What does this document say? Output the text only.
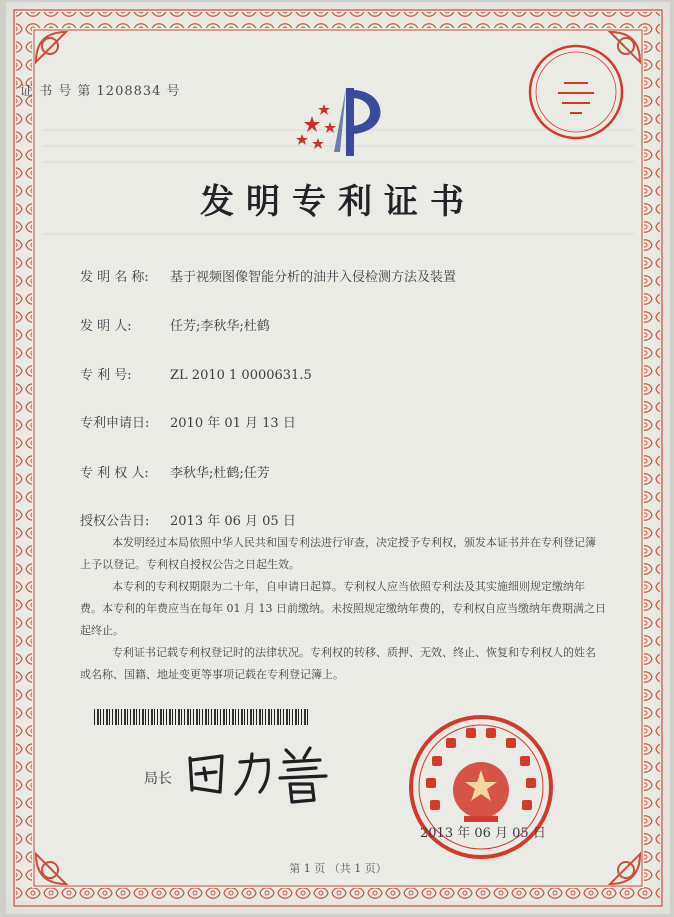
证 书 号 第 1208834 号
发明专利证书
发 明 名 称: 基于视频图像智能分析的油井入侵检测方法及装置
发 明 人:	任芳;李秋华;杜鹤
专 利 号:	ZL 2010 1 0000631.5
专利申请日: 2010 年 01 月 13 日
专 利 权 人: 李秋华;杜鹤;任芳
授权公告日: 2013 年 06 月 05 日

本发明经过本局依照中华人民共和国专利法进行审查，决定授予专利权，颁发本证书并在专利登记簿上予以登记。专利权自授权公告之日起生效。

本专利的专利权期限为二十年，自申请日起算。专利权人应当依照专利法及其实施细则规定缴纳年费。本专利的年费应当在每年 01 月 13 日前缴纳。未按照规定缴纳年费的，专利权自应当缴纳年费期满之日起终止。

专利证书记载专利权登记时的法律状况。专利权的转移、质押、无效、终止、恢复和专利权人的姓名或名称、国籍、地址变更等事项记载在专利登记簿上。

局长
2013 年 06 月 05 日
第 1 页 （共 1 页）
